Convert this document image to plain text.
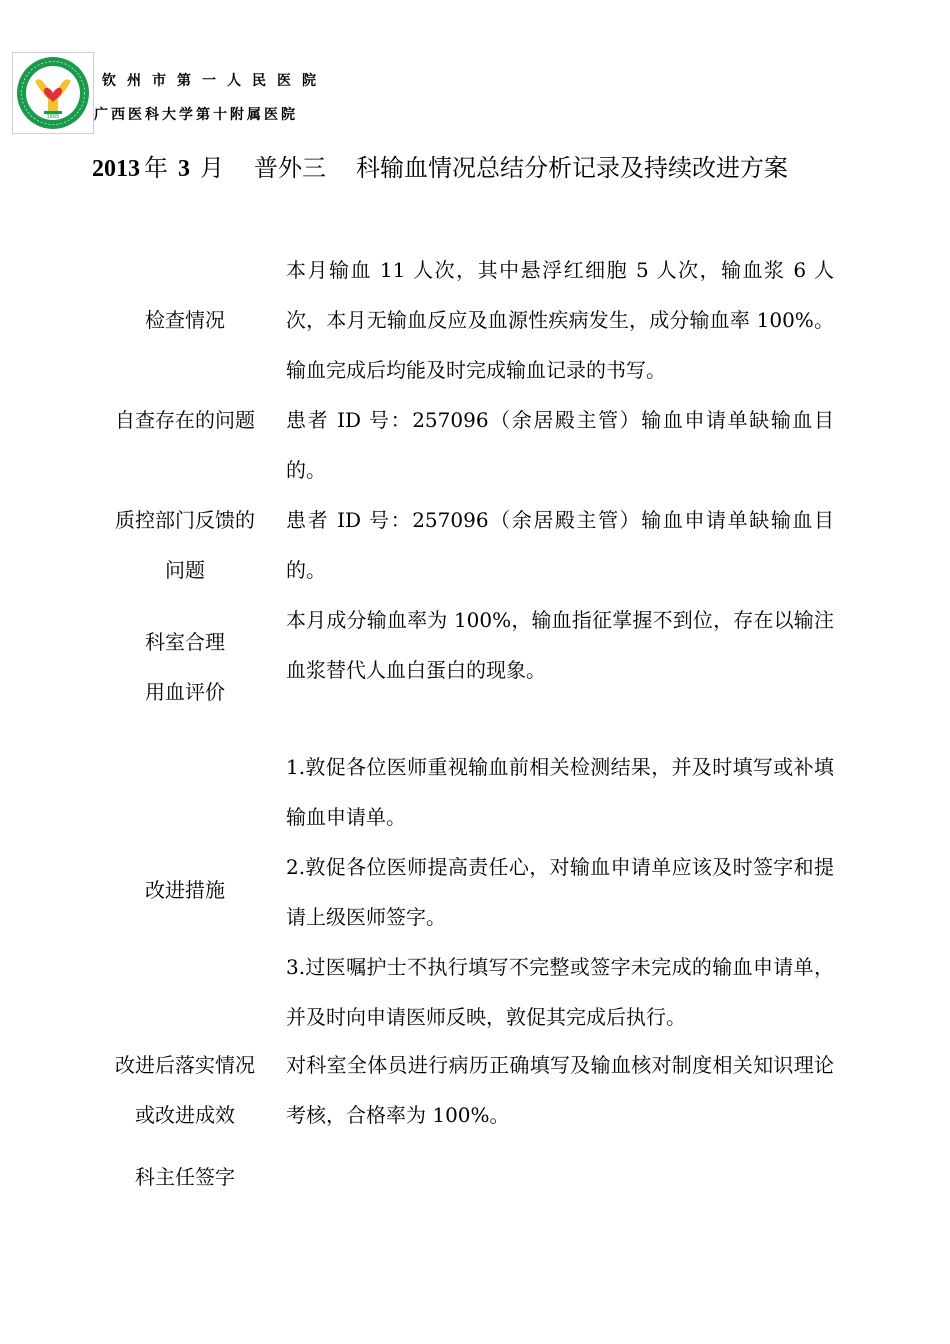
1865
钦州市第一人民医院
广西医科大学第十附属医院
2013 年 3 月 普外三 科输血情况总结分析记录及持续改进方案
检查情况
本月输血 11 人次，其中悬浮红细胞 5 人次，输血浆 6 人次，本月无输血反应及血源性疾病发生，成分输血率 100%。输血完成后均能及时完成输血记录的书写。
自查存在的问题	患者 ID 号：257096（余居殿主管）输血申请单缺输血目的。
质控部门反馈的
问题
患者 ID 号：257096（余居殿主管）输血申请单缺输血目的。
科室合理
用血评价
本月成分输血率为 100%，输血指征掌握不到位，存在以输注血浆替代人血白蛋白的现象。
改进措施

1.敦促各位医师重视输血前相关检测结果，并及时填写或补填输血申请单。

2.敦促各位医师提高责任心，对输血申请单应该及时签字和提请上级医师签字。

3.过医嘱护士不执行填写不完整或签字未完成的输血申请单，并及时向申请医师反映，敦促其完成后执行。

改进后落实情况
或改进成效
对科室全体员进行病历正确填写及输血核对制度相关知识理论考核，合格率为 100%。
科主任签字
